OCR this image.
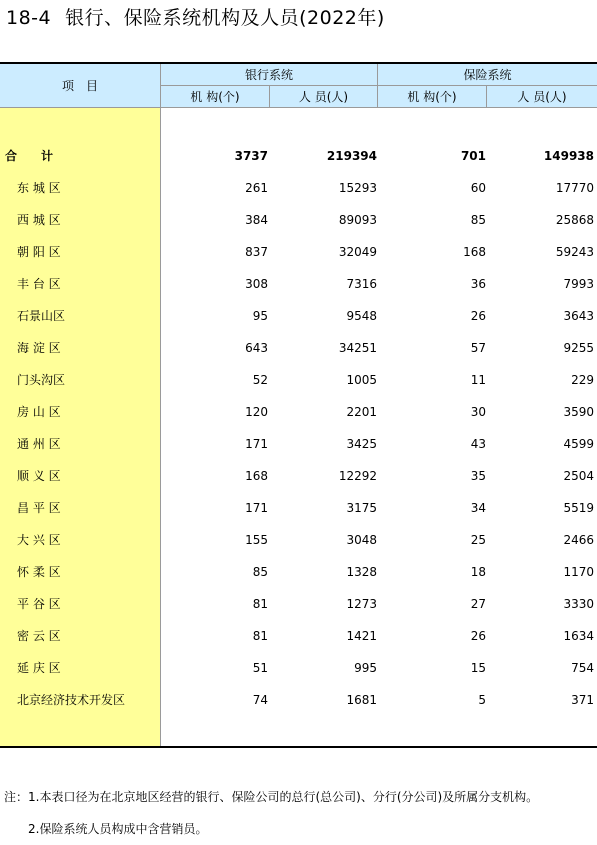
18-4 银行、保险系统机构及人员(2022年)
项　目
银行系统	保险系统
机 构(个)	人 员(人)	机 构(个)	人 员(人)
合　　计	3737	219394	701	149938
东 城 区	261	15293	60	17770
西 城 区	384	89093	85	25868
朝 阳 区	837	32049	168	59243
丰 台 区	308	7316	36	7993
石景山区	95	9548	26	3643
海 淀 区	643	34251	57	9255
门头沟区	52	1005	11	229
房 山 区	120	2201	30	3590
通 州 区	171	3425	43	4599
顺 义 区	168	12292	35	2504
昌 平 区	171	3175	34	5519
大 兴 区	155	3048	25	2466
怀 柔 区	85	1328	18	1170
平 谷 区	81	1273	27	3330
密 云 区	81	1421	26	1634
延 庆 区	51	995	15	754
北京经济技术开发区	74	1681	5	371
注：1.本表口径为在北京地区经营的银行、保险公司的总行(总公司)、分行(分公司)及所属分支机构。
2.保险系统人员构成中含营销员。
